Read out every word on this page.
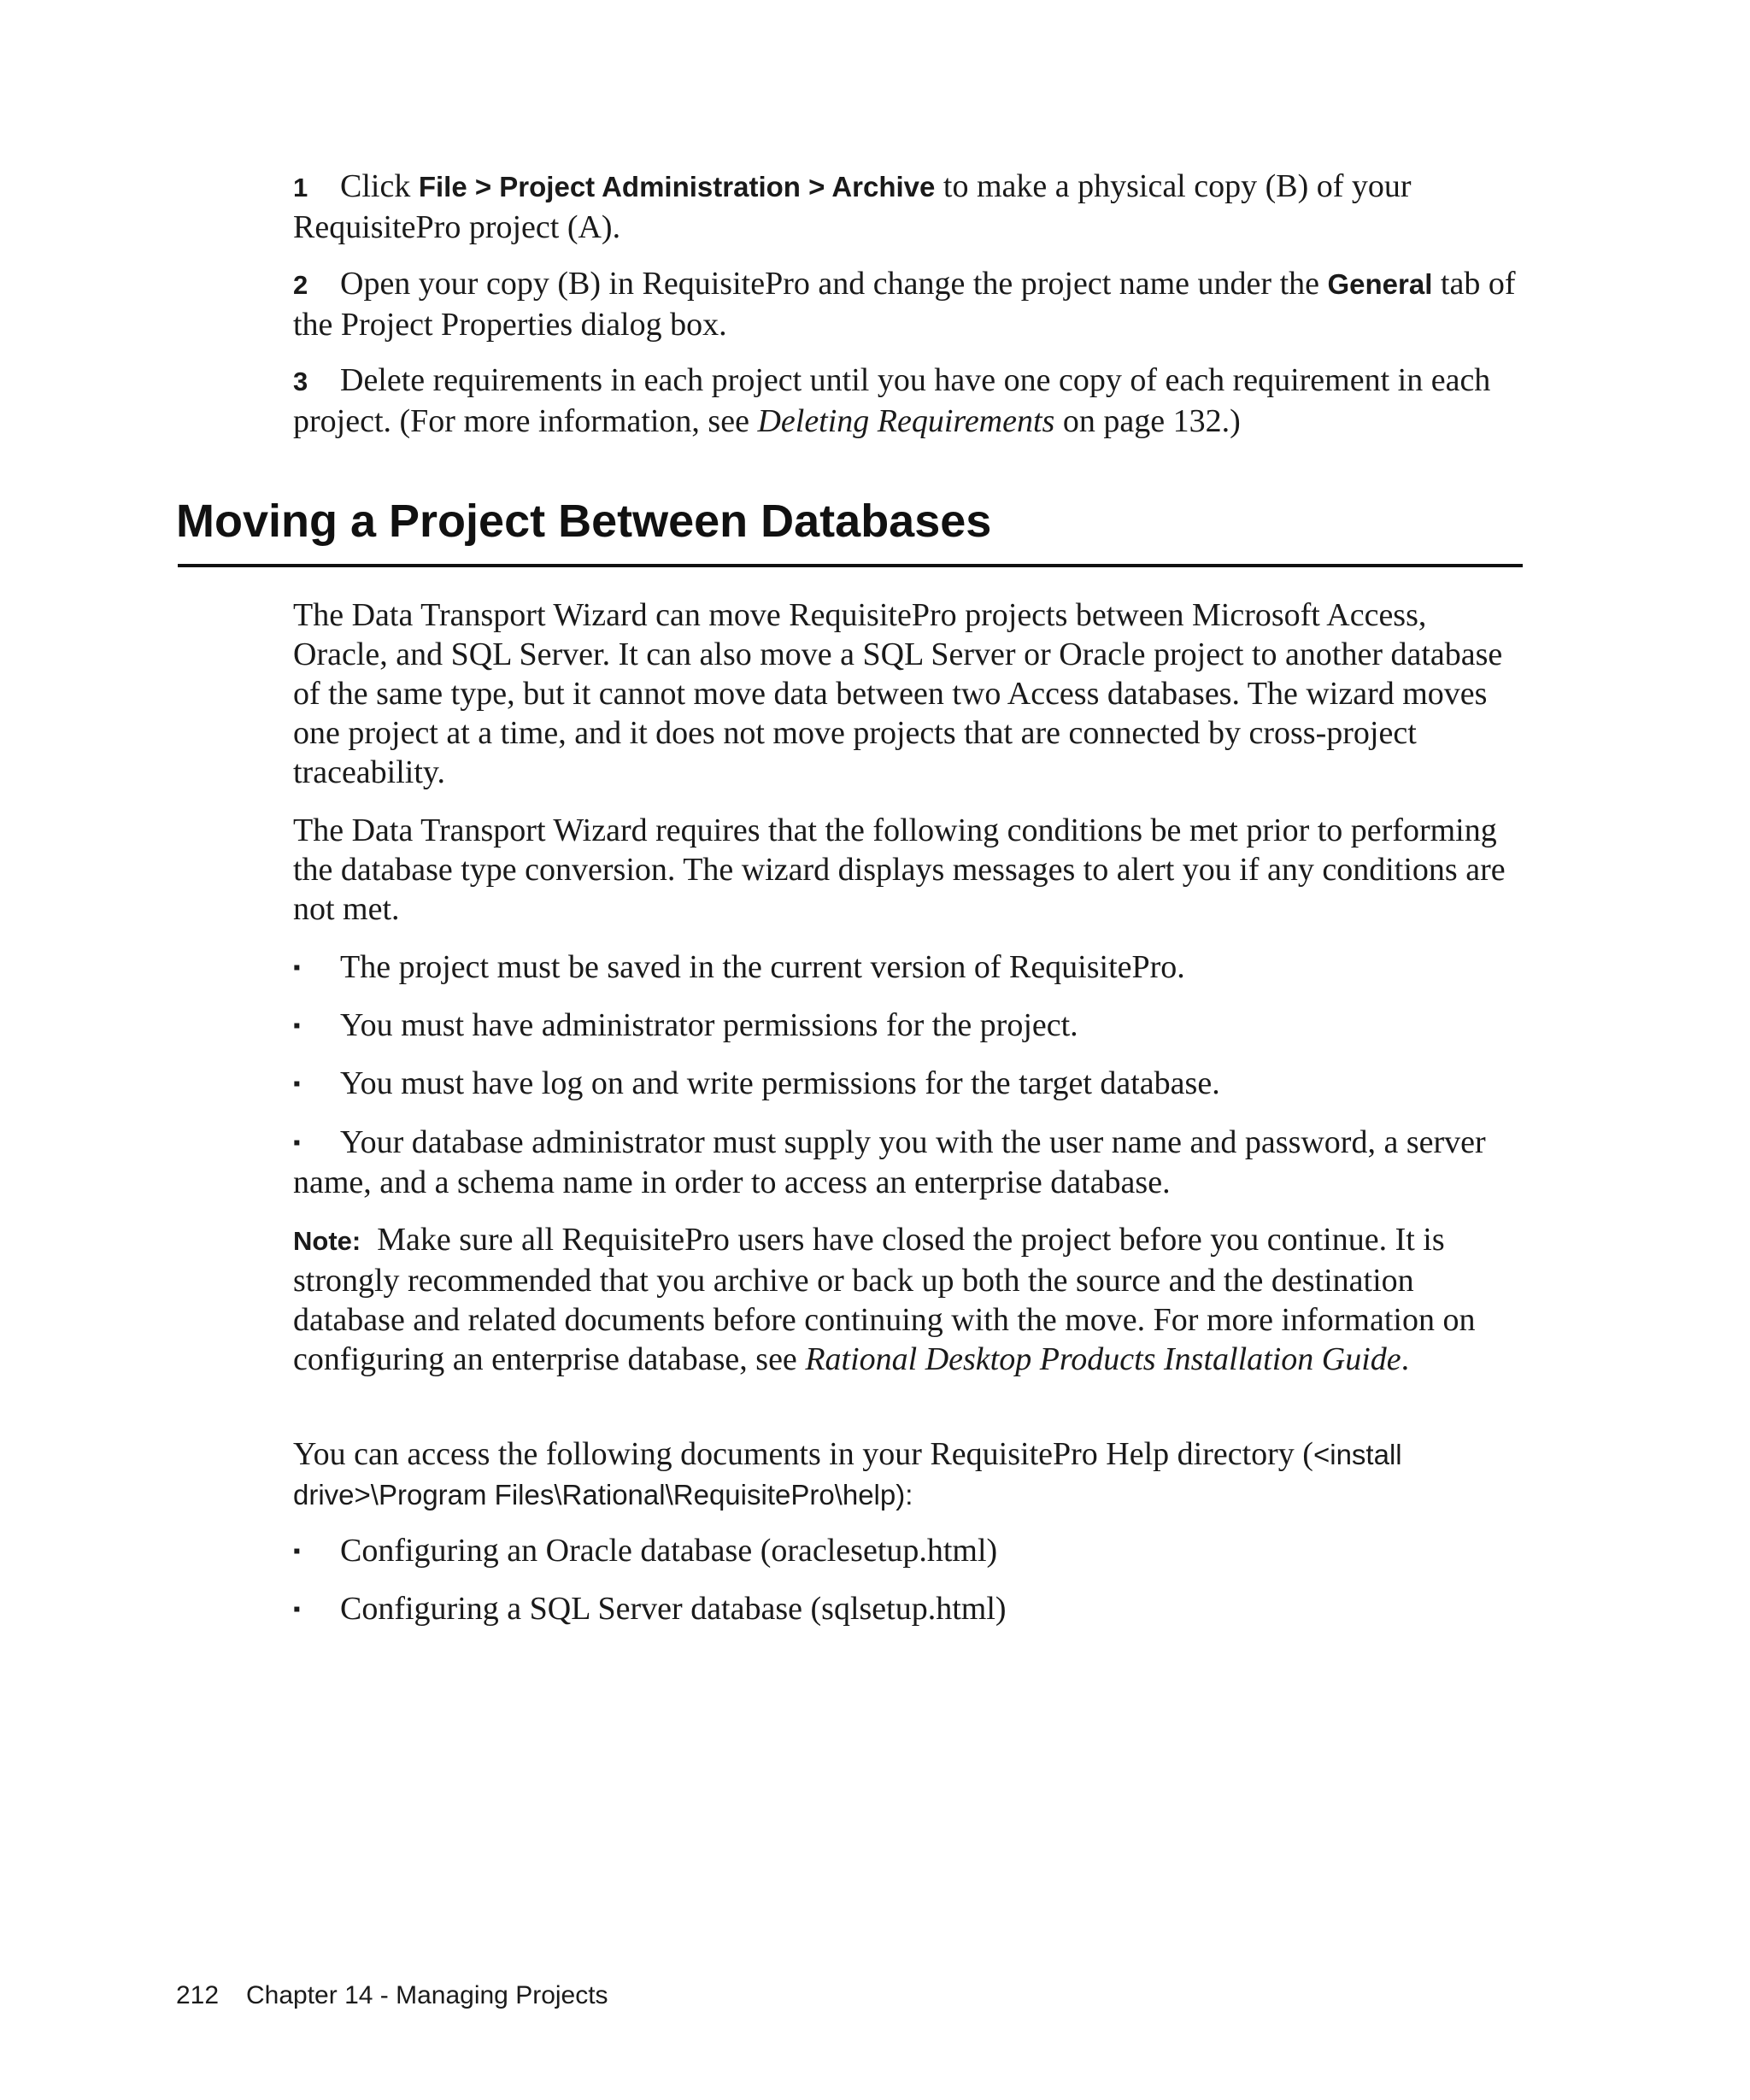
1 Click File > Project Administration > Archive to make a physical copy (B) of your RequisitePro project (A).
2 Open your copy (B) in RequisitePro and change the project name under the General tab of the Project Properties dialog box.
3 Delete requirements in each project until you have one copy of each requirement in each project. (For more information, see Deleting Requirements on page 132.)
Moving a Project Between Databases
The Data Transport Wizard can move RequisitePro projects between Microsoft Access, Oracle, and SQL Server. It can also move a SQL Server or Oracle project to another database of the same type, but it cannot move data between two Access databases. The wizard moves one project at a time, and it does not move projects that are connected by cross-project traceability.
The Data Transport Wizard requires that the following conditions be met prior to performing the database type conversion. The wizard displays messages to alert you if any conditions are not met.
▪ The project must be saved in the current version of RequisitePro.
▪ You must have administrator permissions for the project.
▪ You must have log on and write permissions for the target database.
▪ Your database administrator must supply you with the user name and password, a server name, and a schema name in order to access an enterprise database.
Note: Make sure all RequisitePro users have closed the project before you continue. It is strongly recommended that you archive or back up both the source and the destination database and related documents before continuing with the move. For more information on configuring an enterprise database, see Rational Desktop Products Installation Guide.
You can access the following documents in your RequisitePro Help directory (<install drive>\Program Files\Rational\RequisitePro\help):
▪ Configuring an Oracle database (oraclesetup.html)
▪ Configuring a SQL Server database (sqlsetup.html)
212 Chapter 14 - Managing Projects
